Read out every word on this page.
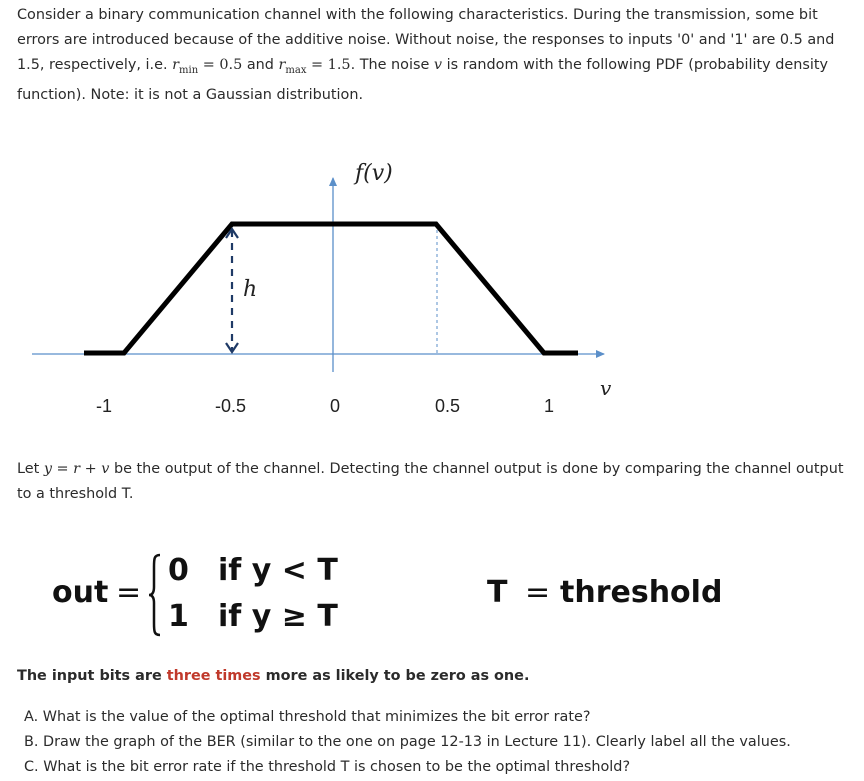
Consider a binary communication channel with the following characteristics. During the transmission, some bit errors are introduced because of the additive noise. Without noise, the responses to inputs '0' and '1' are 0.5 and 1.5, respectively, i.e. $r_{min} = 0.5$ and $r_{max} = 1.5$. The noise v is random with the following PDF (probability density function). Note: it is not a Gaussian distribution.
f(v)
h
v
-1	-0.5	0	0.5	1
Let y = r + v be the output of the channel. Detecting the channel output is done by comparing the channel output to a threshold T.
out =
0 if y < T
1 if y ≥ T
T = threshold
The input bits are three times more as likely to be zero as one.
A. What is the value of the optimal threshold that minimizes the bit error rate?
B. Draw the graph of the BER (similar to the one on page 12-13 in Lecture 11). Clearly label all the values.
C. What is the bit error rate if the threshold T is chosen to be the optimal threshold?
